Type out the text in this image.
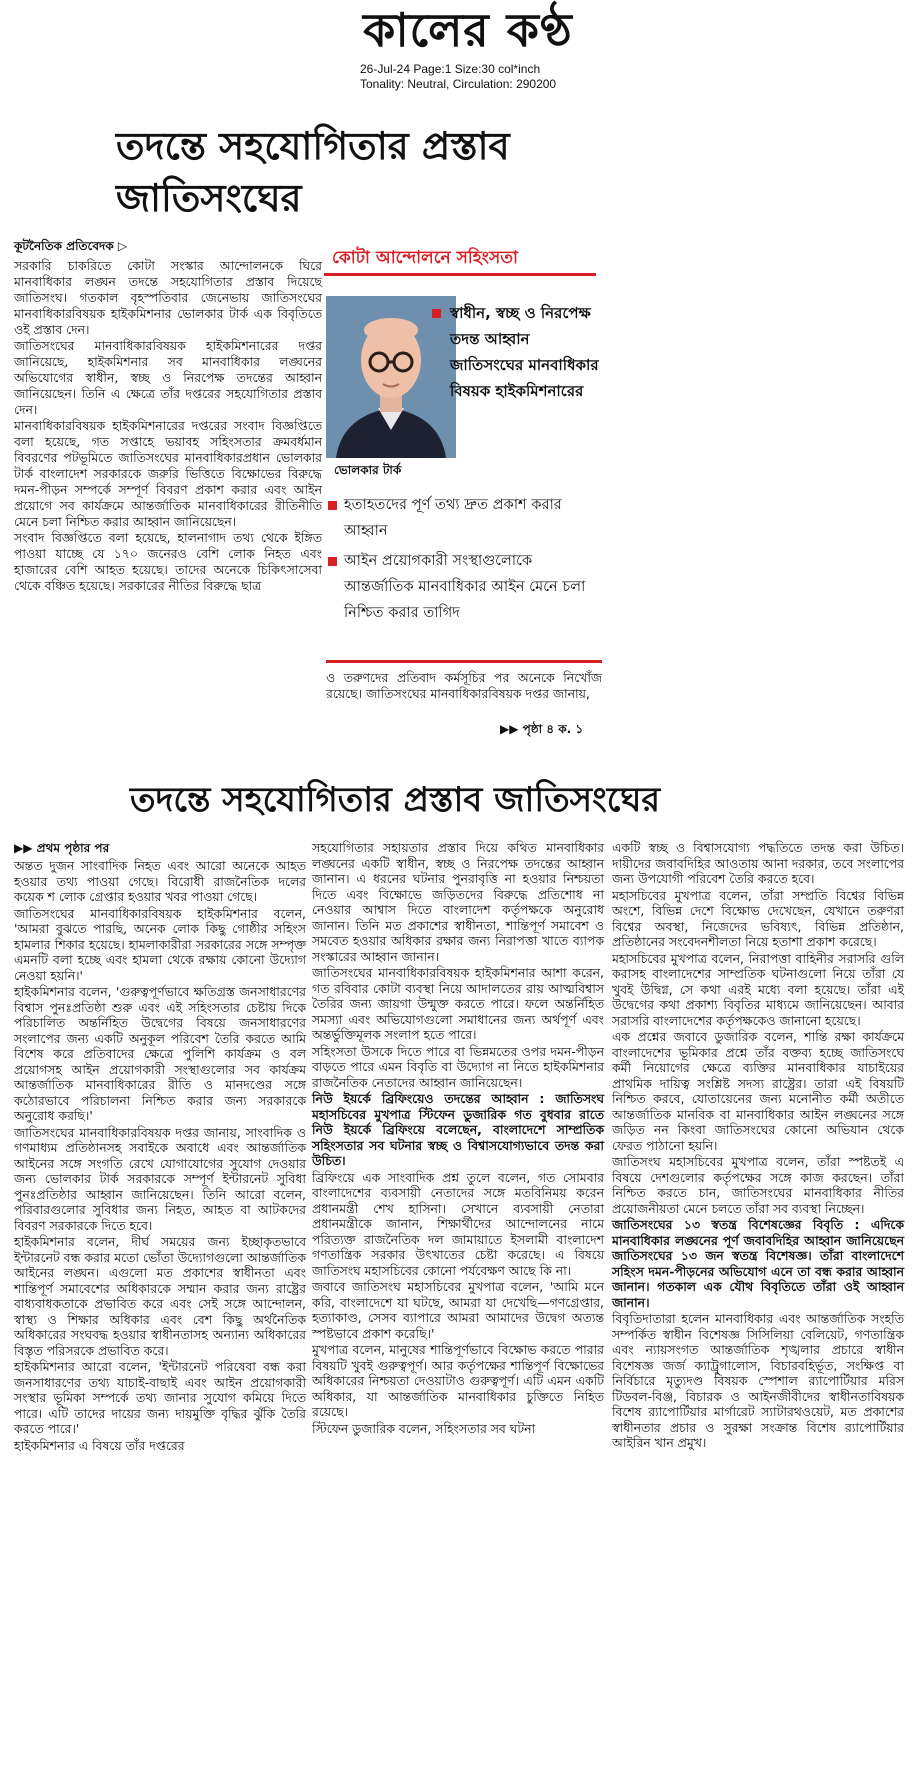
কালের কণ্ঠ
26-Jul-24 Page:1 Size:30 col*inch
Tonality: Neutral, Circulation: 290200
তদন্তে সহযোগিতার প্রস্তাব জাতিসংঘের
কূটনৈতিক প্রতিবেদক ▷

সরকারি চাকরিতে কোটা সংস্কার আন্দোলনকে ঘিরে মানবাধিকার লঙ্ঘন তদন্তে সহযোগিতার প্রস্তাব দিয়েছে জাতিসংঘ। গতকাল বৃহস্পতিবার জেনেভায় জাতিসংঘের মানবাধিকারবিষয়ক হাইকমিশনার ভোলকার টার্ক এক বিবৃতিতে ওই প্রস্তাব দেন।

জাতিসংঘের মানবাধিকারবিষয়ক হাইকমিশনারের দপ্তর জানিয়েছে, হাইকমিশনার সব মানবাধিকার লঙ্ঘনের অভিযোগের স্বাধীন, স্বচ্ছ ও নিরপেক্ষ তদন্তের আহ্বান জানিয়েছেন। তিনি এ ক্ষেত্রে তাঁর দপ্তরের সহযোগিতার প্রস্তাব দেন।

মানবাধিকারবিষয়ক হাইকমিশনারের দপ্তরের সংবাদ বিজ্ঞপ্তিতে বলা হয়েছে, গত সপ্তাহে ভয়াবহ সহিংসতার ক্রমবর্ধমান বিবরণের পটভূমিতে জাতিসংঘের মানবাধিকারপ্রধান ভোলকার টার্ক বাংলাদেশ সরকারকে জরুরি ভিত্তিতে বিক্ষোভের বিরুদ্ধে দমন-পীড়ন সম্পর্কে সম্পূর্ণ বিবরণ প্রকাশ করার এবং আইন প্রয়োগে সব কার্যক্রমে আন্তর্জাতিক মানবাধিকারের রীতিনীতি মেনে চলা নিশ্চিত করার আহ্বান জানিয়েছেন।

সংবাদ বিজ্ঞপ্তিতে বলা হয়েছে, হালনাগাদ তথ্য থেকে ইঙ্গিত পাওয়া যাচ্ছে যে ১৭০ জনেরও বেশি লোক নিহত এবং হাজারের বেশি আহত হয়েছে। তাদের অনেকে চিকিৎসাসেবা থেকে বঞ্চিত হয়েছে। সরকারের নীতির বিরুদ্ধে ছাত্র

কোটা আন্দোলনে সহিংসতা
ভোলকার টার্ক
স্বাধীন, স্বচ্ছ ও নিরপেক্ষ তদন্ত আহ্বান জাতিসংঘের মানবাধিকার বিষয়ক হাইকমিশনারের
হতাহতদের পূর্ণ তথ্য দ্রুত প্রকাশ করার আহ্বান
আইন প্রয়োগকারী সংস্থাগুলোকে আন্তর্জাতিক মানবাধিকার আইন মেনে চলা নিশ্চিত করার তাগিদ
ও তরুণদের প্রতিবাদ কর্মসূচির পর অনেকে নিখোঁজ রয়েছে। জাতিসংঘের মানবাধিকারবিষয়ক দপ্তর জানায়,
▶▶ পৃষ্ঠা ৪ ক. ১
তদন্তে সহযোগিতার প্রস্তাব জাতিসংঘের
▶▶ প্রথম পৃষ্ঠার পর

অন্তত দুজন সাংবাদিক নিহত এবং আরো অনেকে আহত হওয়ার তথ্য পাওয়া গেছে। বিরোধী রাজনৈতিক দলের কয়েক শ লোক গ্রেপ্তার হওয়ার খবর পাওয়া গেছে।

জাতিসংঘের মানবাধিকারবিষয়ক হাইকমিশনার বলেন, 'আমরা বুঝতে পারছি, অনেক লোক কিছু গোষ্ঠীর সহিংস হামলার শিকার হয়েছে। হামলাকারীরা সরকারের সঙ্গে সম্পৃক্ত এমনটি বলা হচ্ছে এবং হামলা থেকে রক্ষায় কোনো উদ্যোগ নেওয়া হয়নি।'

হাইকমিশনার বলেন, 'গুরুত্বপূর্ণভাবে ক্ষতিগ্রস্ত জনসাধারণের বিশ্বাস পুনঃপ্রতিষ্ঠা শুরু এবং এই সহিংসতার চেষ্টায় দিকে পরিচালিত অন্তর্নিহিত উদ্বেগের বিষয়ে জনসাধারণের সংলাপের জন্য একটি অনুকূল পরিবেশ তৈরি করতে আমি বিশেষ করে প্রতিবাদের ক্ষেত্রে পুলিশি কার্যক্রম ও বল প্রয়োগসহ আইন প্রয়োগকারী সংস্থাগুলোর সব কার্যক্রম আন্তর্জাতিক মানবাধিকারের রীতি ও মানদণ্ডের সঙ্গে কঠোরভাবে পরিচালনা নিশ্চিত করার জন্য সরকারকে অনুরোধ করছি।'

জাতিসংঘের মানবাধিকারবিষয়ক দপ্তর জানায়, সাংবাদিক ও গণমাধ্যম প্রতিষ্ঠানসহ সবাইকে অবাধে এবং আন্তর্জাতিক আইনের সঙ্গে সংগতি রেখে যোগাযোগের সুযোগ দেওয়ার জন্য ভোলকার টার্ক সরকারকে সম্পূর্ণ ইন্টারনেট সুবিধা পুনঃপ্রতিষ্ঠার আহ্বান জানিয়েছেন। তিনি আরো বলেন, পরিবারগুলোর সুবিধার জন্য নিহত, আহত বা আটকদের বিবরণ সরকারকে দিতে হবে।

হাইকমিশনার বলেন, দীর্ঘ সময়ের জন্য ইচ্ছাকৃতভাবে ইন্টারনেট বন্ধ করার মতো ভোঁতা উদ্যোগগুলো আন্তর্জাতিক আইনের লঙ্ঘন। এগুলো মত প্রকাশের স্বাধীনতা এবং শান্তিপূর্ণ সমাবেশের অধিকারকে সম্মান করার জন্য রাষ্ট্রের বাধ্যবাধকতাকে প্রভাবিত করে এবং সেই সঙ্গে আন্দোলন, স্বাস্থ্য ও শিক্ষার অধিকার এবং বেশ কিছু অর্থনৈতিক অধিকারের সংঘবদ্ধ হওয়ার স্বাধীনতাসহ অন্যান্য অধিকারের বিস্তৃত পরিসরকে প্রভাবিত করে।

হাইকমিশনার আরো বলেন, 'ইন্টারনেট পরিষেবা বন্ধ করা জনসাধারণের তথ্য যাচাই-বাছাই এবং আইন প্রয়োগকারী সংস্থার ভূমিকা সম্পর্কে তথ্য জানার সুযোগ কমিয়ে দিতে পারে। এটি তাদের দায়ের জন্য দায়মুক্তি বৃদ্ধির ঝুঁকি তৈরি করতে পারে।'

হাইকমিশনার এ বিষয়ে তাঁর দপ্তরের

সহযোগিতার সহায়তার প্রস্তাব দিয়ে কথিত মানবাধিকার লঙ্ঘনের একটি স্বাধীন, স্বচ্ছ ও নিরপেক্ষ তদন্তের আহ্বান জানান। এ ধরনের ঘটনার পুনরাবৃত্তি না হওয়ার নিশ্চয়তা দিতে এবং বিক্ষোভে জড়িতদের বিরুদ্ধে প্রতিশোধ না নেওয়ার আশ্বাস দিতে বাংলাদেশ কর্তৃপক্ষকে অনুরোধ জানান। তিনি মত প্রকাশের স্বাধীনতা, শান্তিপূর্ণ সমাবেশ ও সমবেত হওয়ার অধিকার রক্ষার জন্য নিরাপত্তা খাতে ব্যাপক সংস্কারের আহ্বান জানান।

জাতিসংঘের মানবাধিকারবিষয়ক হাইকমিশনার আশা করেন, গত রবিবার কোটা ব্যবস্থা নিয়ে আদালতের রায় আত্মবিশ্বাস তৈরির জন্য জায়গা উন্মুক্ত করতে পারে। ফলে অন্তর্নিহিত সমস্যা এবং অভিযোগগুলো সমাধানের জন্য অর্থপূর্ণ এবং অন্তর্ভুক্তিমূলক সংলাপ হতে পারে।

সহিংসতা উসকে দিতে পারে বা ভিন্নমতের ওপর দমন-পীড়ন বাড়তে পারে এমন বিবৃতি বা উদ্যোগ না নিতে হাইকমিশনার রাজনৈতিক নেতাদের আহ্বান জানিয়েছেন।

নিউ ইয়র্কে ব্রিফিংয়েও তদন্তের আহ্বান : জাতিসংঘ মহাসচিবের মুখপাত্র স্টিফেন ডুজারিক গত বুধবার রাতে নিউ ইয়র্কে ব্রিফিংয়ে বলেছেন, বাংলাদেশে সাম্প্রতিক সহিংসতার সব ঘটনার স্বচ্ছ ও বিশ্বাসযোগ্যভাবে তদন্ত করা উচিত।

ব্রিফিংয়ে এক সাংবাদিক প্রশ্ন তুলে বলেন, গত সোমবার বাংলাদেশের ব্যবসায়ী নেতাদের সঙ্গে মতবিনিময় করেন প্রধানমন্ত্রী শেখ হাসিনা। সেখানে ব্যবসায়ী নেতারা প্রধানমন্ত্রীকে জানান, শিক্ষার্থীদের আন্দোলনের নামে পরিত্যক্ত রাজনৈতিক দল জামায়াতে ইসলামী বাংলাদেশ গণতান্ত্রিক সরকার উৎখাতের চেষ্টা করেছে। এ বিষয়ে জাতিসংঘ মহাসচিবের কোনো পর্যবেক্ষণ আছে কি না।

জবাবে জাতিসংঘ মহাসচিবের মুখপাত্র বলেন, 'আমি মনে করি, বাংলাদেশে যা ঘটছে, আমরা যা দেখেছি—গণগ্রেপ্তার, হত্যাকাণ্ড, সেসব ব্যাপারে আমরা আমাদের উদ্বেগ অত্যন্ত স্পষ্টভাবে প্রকাশ করেছি।'

মুখপাত্র বলেন, মানুষের শান্তিপূর্ণভাবে বিক্ষোভ করতে পারার বিষয়টি খুবই গুরুত্বপূর্ণ। আর কর্তৃপক্ষের শান্তিপূর্ণ বিক্ষোভের অধিকারের নিশ্চয়তা দেওয়াটাও গুরুত্বপূর্ণ। এটি এমন একটি অধিকার, যা আন্তর্জাতিক মানবাধিকার চুক্তিতে নিহিত রয়েছে।

স্টিফেন ডুজারিক বলেন, সহিংসতার সব ঘটনা

একটি স্বচ্ছ ও বিশ্বাসযোগ্য পদ্ধতিতে তদন্ত করা উচিত। দায়ীদের জবাবদিহির আওতায় আনা দরকার, তবে সংলাপের জন্য উপযোগী পরিবেশ তৈরি করতে হবে।

মহাসচিবের মুখপাত্র বলেন, তাঁরা সম্প্রতি বিশ্বের বিভিন্ন অংশে, বিভিন্ন দেশে বিক্ষোভ দেখেছেন, যেখানে তরুণরা বিশ্বের অবস্থা, নিজেদের ভবিষ্যৎ, বিভিন্ন প্রতিষ্ঠান, প্রতিষ্ঠানের সংবেদনশীলতা নিয়ে হতাশা প্রকাশ করেছে।

মহাসচিবের মুখপাত্র বলেন, নিরাপত্তা বাহিনীর সরাসরি গুলি করাসহ বাংলাদেশের সাম্প্রতিক ঘটনাগুলো নিয়ে তাঁরা যে খুবই উদ্বিগ্ন, সে কথা এরই মধ্যে বলা হয়েছে। তাঁরা এই উদ্বেগের কথা প্রকাশ্য বিবৃতির মাধ্যমে জানিয়েছেন। আবার সরাসরি বাংলাদেশের কর্তৃপক্ষকেও জানানো হয়েছে।

এক প্রশ্নের জবাবে ডুজারিক বলেন, শান্তি রক্ষা কার্যক্রমে বাংলাদেশের ভূমিকার প্রশ্নে তাঁর বক্তব্য হচ্ছে জাতিসংঘে কর্মী নিয়োগের ক্ষেত্রে ব্যক্তির মানবাধিকার যাচাইয়ের প্রাথমিক দায়িত্ব সংশ্লিষ্ট সদস্য রাষ্ট্রের। তারা এই বিষয়টি নিশ্চিত করবে, যোতায়েনের জন্য মনোনীত কর্মী অতীতে আন্তর্জাতিক মানবিক বা মানবাধিকার আইন লঙ্ঘনের সঙ্গে জড়িত নন কিংবা জাতিসংঘের কোনো অভিযান থেকে ফেরত পাঠানো হয়নি।

জাতিসংঘ মহাসচিবের মুখপাত্র বলেন, তাঁরা স্পষ্টতই এ বিষয়ে দেশগুলোর কর্তৃপক্ষের সঙ্গে কাজ করছেন। তাঁরা নিশ্চিত করতে চান, জাতিসংঘের মানবাধিকার নীতির প্রয়োজনীয়তা মেনে চলতে তাঁরা সব ব্যবস্থা নিচ্ছেন।

জাতিসংঘের ১৩ স্বতন্ত্র বিশেষজ্ঞের বিবৃতি : এদিকে মানবাধিকার লঙ্ঘনের পূর্ণ জবাবদিহির আহ্বান জানিয়েছেন জাতিসংঘের ১৩ জন স্বতন্ত্র বিশেষজ্ঞ। তাঁরা বাংলাদেশে সহিংস দমন-পীড়নের অভিযোগ এনে তা বন্ধ করার আহ্বান জানান। গতকাল এক যৌথ বিবৃতিতে তাঁরা ওই আহ্বান জানান।

বিবৃতিদাতারা হলেন মানবাধিকার এবং আন্তর্জাতিক সংহতি সম্পর্কিত স্বাধীন বিশেষজ্ঞ সিসিলিয়া বেলিয়েট, গণতান্ত্রিক এবং ন্যায়সংগত আন্তর্জাতিক শৃঙ্খলার প্রচারে স্বাধীন বিশেষজ্ঞ জর্জ ক্যাট্রুগালোস, বিচারবহির্ভূত, সংক্ষিপ্ত বা নির্বিচারে মৃত্যুদণ্ড বিষয়ক স্পেশাল র‍্যাপোর্টিয়ার মরিস টিডবল-বিঞ্জ, বিচারক ও আইনজীবীদের স্বাধীনতাবিষয়ক বিশেষ র‍্যাপোর্টিয়ার মার্গারেট স্যাটারথওয়েট, মত প্রকাশের স্বাধীনতার প্রচার ও সুরক্ষা সংক্রান্ত বিশেষ র‍্যাপোর্টিয়ার আইরিন খান প্রমুখ।
